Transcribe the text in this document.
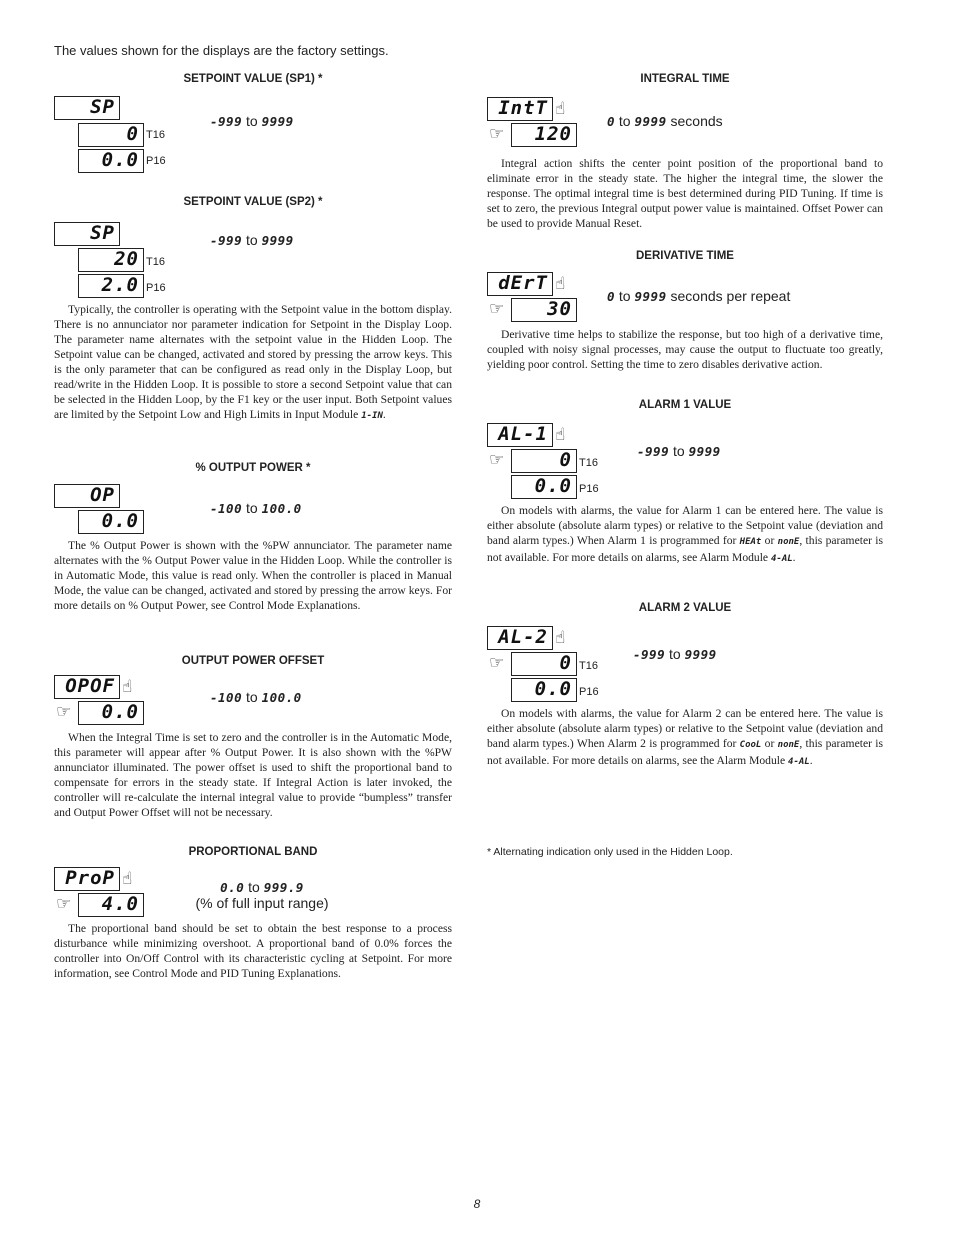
The values shown for the displays are the factory settings.
SETPOINT VALUE (SP1) *
SP
0 T16
0.0 P16
-999 to 9999
SETPOINT VALUE (SP2) *
SP
20 T16
2.0 P16
-999 to 9999

Typically, the controller is operating with the Setpoint value in the bottom display. There is no annunciator nor parameter indication for Setpoint in the Display Loop. The parameter name alternates with the setpoint value in the Hidden Loop. The Setpoint value can be changed, activated and stored by pressing the arrow keys. This is the only parameter that can be configured as read only in the Display Loop, but read/write in the Hidden Loop. It is possible to store a second Setpoint value that can be selected in the Hidden Loop, by the F1 key or the user input. Both Setpoint values are limited by the Setpoint Low and High Limits in Input Module 1-IN.

% OUTPUT POWER *
OP
0.0
-100 to 100.0

The % Output Power is shown with the %PW annunciator. The parameter name alternates with the % Output Power value in the Hidden Loop. While the controller is in Automatic Mode, this value is read only. When the controller is placed in Manual Mode, the value can be changed, activated and stored by pressing the arrow keys. For more details on % Output Power, see Control Mode Explanations.

OUTPUT POWER OFFSET
OPOF ☝
☞	0.0
-100 to 100.0

When the Integral Time is set to zero and the controller is in the Automatic Mode, this parameter will appear after % Output Power. It is also shown with the %PW annunciator illuminated. The power offset is used to shift the proportional band to compensate for errors in the steady state. If Integral Action is later invoked, the controller will re-calculate the internal integral value to provide “bumpless” transfer and Output Power Offset will not be necessary.

PROPORTIONAL BAND
ProP ☝
☞	4.0
0.0 to 999.9
(% of full input range)

The proportional band should be set to obtain the best response to a process disturbance while minimizing overshoot. A proportional band of 0.0% forces the controller into On/Off Control with its characteristic cycling at Setpoint. For more information, see Control Mode and PID Tuning Explanations.

INTEGRAL TIME
IntT ☝
☞	120
0 to 9999 seconds

Integral action shifts the center point position of the proportional band to eliminate error in the steady state. The higher the integral time, the slower the response. The optimal integral time is best determined during PID Tuning. If time is set to zero, the previous Integral output power value is maintained. Offset Power can be used to provide Manual Reset.

DERIVATIVE TIME
dErT ☝
☞	30
0 to 9999 seconds per repeat

Derivative time helps to stabilize the response, but too high of a derivative time, coupled with noisy signal processes, may cause the output to fluctuate too greatly, yielding poor control. Setting the time to zero disables derivative action.

ALARM 1 VALUE
AL-1 ☝
☞	0 T16
0.0 P16
-999 to 9999

On models with alarms, the value for Alarm 1 can be entered here. The value is either absolute (absolute alarm types) or relative to the Setpoint value (deviation and band alarm types.) When Alarm 1 is programmed for HEAt or nonE, this parameter is not available. For more details on alarms, see Alarm Module 4-AL.

ALARM 2 VALUE
AL-2 ☝
☞	0 T16
0.0 P16
-999 to 9999

On models with alarms, the value for Alarm 2 can be entered here. The value is either absolute (absolute alarm types) or relative to the Setpoint value (deviation and band alarm types.) When Alarm 2 is programmed for CooL or nonE, this parameter is not available. For more details on alarms, see the Alarm Module 4-AL.

* Alternating indication only used in the Hidden Loop.
8
